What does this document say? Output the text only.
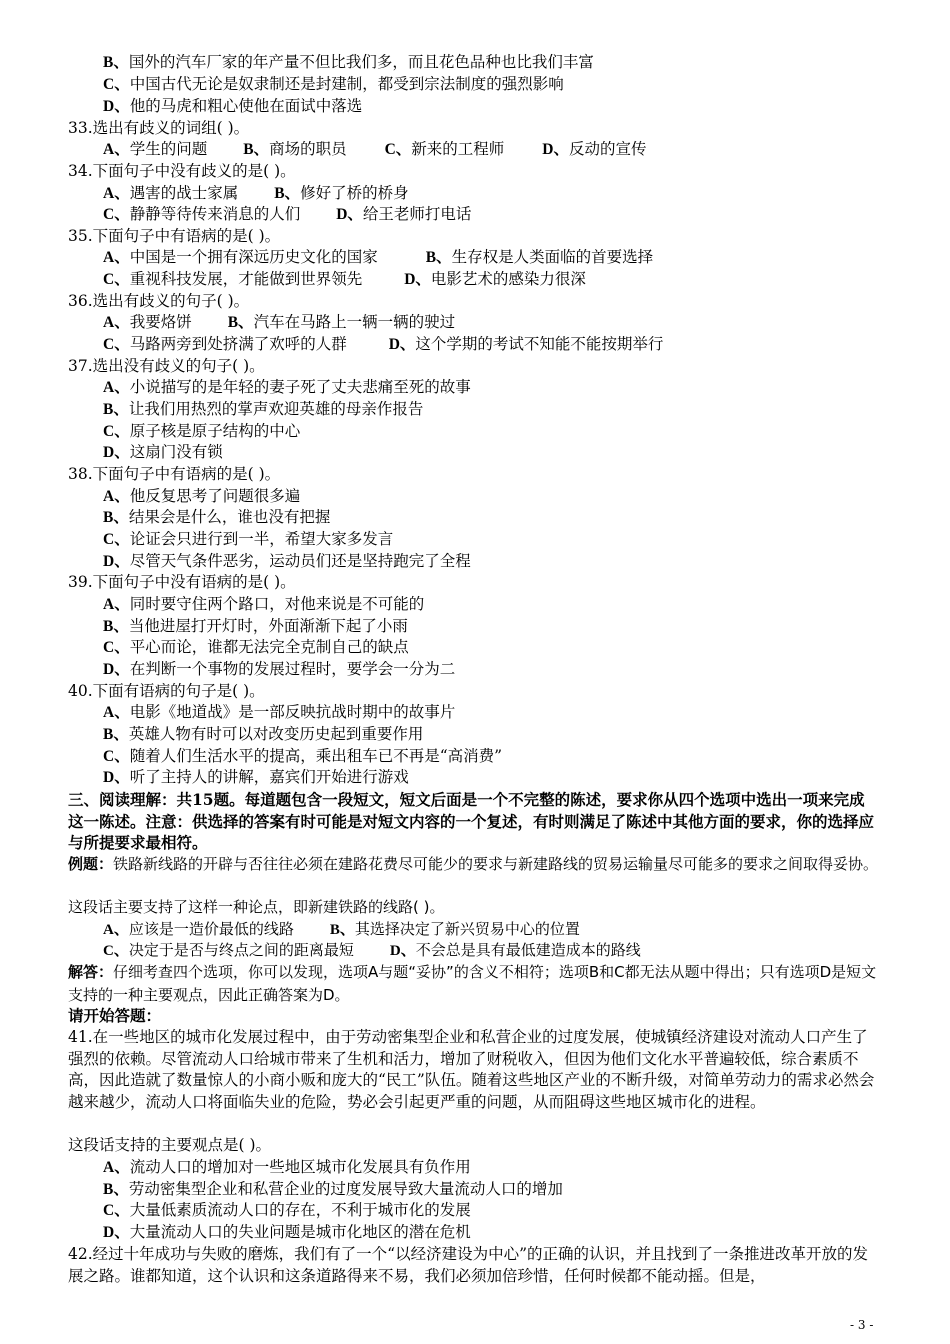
B、国外的汽车厂家的年产量不但比我们多，而且花色品种也比我们丰富
C、中国古代无论是奴隶制还是封建制，都受到宗法制度的强烈影响
D、他的马虎和粗心使他在面试中落选
33.选出有歧义的词组( )。
A、学生的问题 B、商场的职员 C、新来的工程师 D、反动的宣传
34.下面句子中没有歧义的是( )。
A、遇害的战士家属 B、修好了桥的桥身
C、静静等待传来消息的人们 D、给王老师打电话
35.下面句子中有语病的是( )。
A、中国是一个拥有深远历史文化的国家	B、生存权是人类面临的首要选择
C、重视科技发展，才能做到世界领先	D、电影艺术的感染力很深
36.选出有歧义的句子( )。
A、我要烙饼 B、汽车在马路上一辆一辆的驶过
C、马路两旁到处挤满了欢呼的人群	D、这个学期的考试不知能不能按期举行
37.选出没有歧义的句子( )。
A、小说描写的是年轻的妻子死了丈夫悲痛至死的故事
B、让我们用热烈的掌声欢迎英雄的母亲作报告
C、原子核是原子结构的中心
D、这扇门没有锁
38.下面句子中有语病的是( )。
A、他反复思考了问题很多遍
B、结果会是什么，谁也没有把握
C、论证会只进行到一半，希望大家多发言
D、尽管天气条件恶劣，运动员们还是坚持跑完了全程
39.下面句子中没有语病的是( )。
A、同时要守住两个路口，对他来说是不可能的
B、当他进屋打开灯时，外面渐渐下起了小雨
C、平心而论，谁都无法完全克制自己的缺点
D、在判断一个事物的发展过程时，要学会一分为二
40.下面有语病的句子是( )。
A、电影《地道战》是一部反映抗战时期中的故事片
B、英雄人物有时可以对改变历史起到重要作用
C、随着人们生活水平的提高，乘出租车已不再是“高消费”
D、听了主持人的讲解，嘉宾们开始进行游戏
三、阅读理解：共15题。每道题包含一段短文，短文后面是一个不完整的陈述，要求你从四个选项中选出一项来完成这一陈述。注意：供选择的答案有时可能是对短文内容的一个复述，有时则满足了陈述中其他方面的要求，你的选择应与所提要求最相符。
例题：铁路新线路的开辟与否往往必须在建路花费尽可能少的要求与新建路线的贸易运输量尽可能多的要求之间取得妥协。
这段话主要支持了这样一种论点，即新建铁路的线路( )。
A、应该是一造价最低的线路 B、其选择决定了新兴贸易中心的位置
C、决定于是否与终点之间的距离最短 D、不会总是具有最低建造成本的路线
解答：仔细考查四个选项，你可以发现，选项A与题“妥协”的含义不相符；选项B和C都无法从题中得出；只有选项D是短文支持的一种主要观点，因此正确答案为D。
请开始答题：
41.在一些地区的城市化发展过程中，由于劳动密集型企业和私营企业的过度发展，使城镇经济建设对流动人口产生了强烈的依赖。尽管流动人口给城市带来了生机和活力，增加了财税收入，但因为他们文化水平普遍较低，综合素质不高，因此造就了数量惊人的小商小贩和庞大的“民工”队伍。随着这些地区产业的不断升级，对简单劳动力的需求必然会越来越少，流动人口将面临失业的危险，势必会引起更严重的问题，从而阻碍这些地区城市化的进程。
这段话支持的主要观点是( )。
A、流动人口的增加对一些地区城市化发展具有负作用
B、劳动密集型企业和私营企业的过度发展导致大量流动人口的增加
C、大量低素质流动人口的存在，不利于城市化的发展
D、大量流动人口的失业问题是城市化地区的潜在危机
42.经过十年成功与失败的磨炼，我们有了一个“以经济建设为中心”的正确的认识，并且找到了一条推进改革开放的发展之路。谁都知道，这个认识和这条道路得来不易，我们必须加倍珍惜，任何时候都不能动摇。但是，
- 3 -
